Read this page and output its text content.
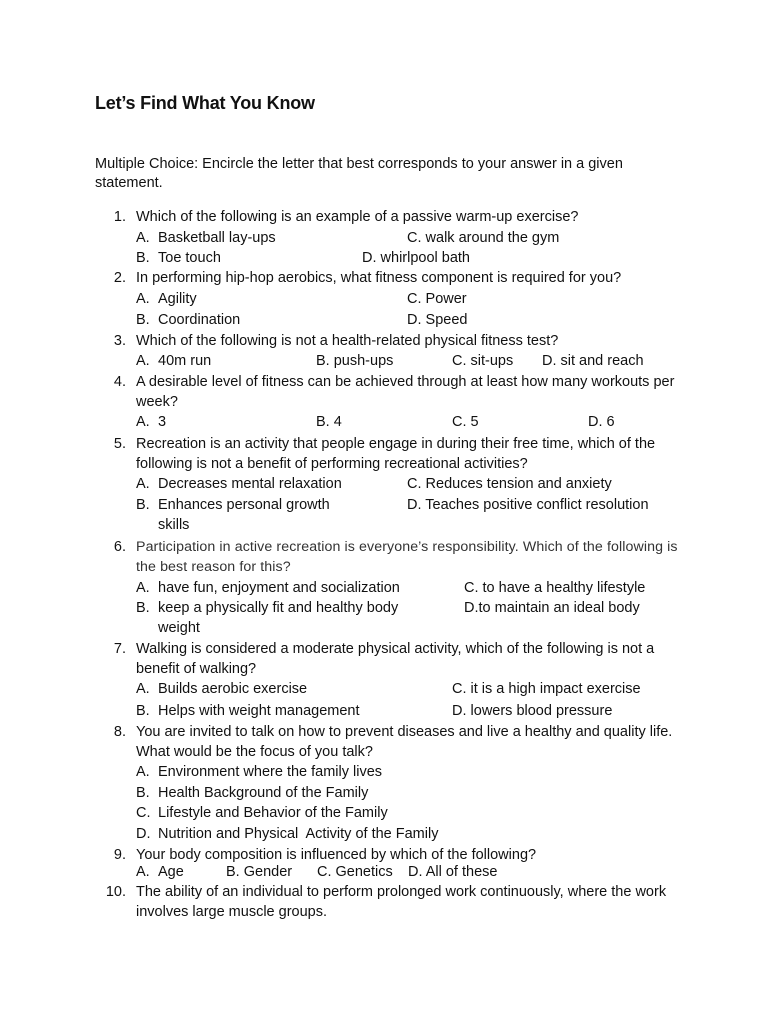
Let’s Find What You Know
Multiple Choice: Encircle the letter that best corresponds to your answer in a given statement.
1. Which of the following is an example of a passive warm-up exercise?
A. Basketball lay-ups	C. walk around the gym
B. Toe touch	D. whirlpool bath
2. In performing hip-hop aerobics, what fitness component is required for you?
A. Agility	C. Power
B. Coordination	D. Speed
3. Which of the following is not a health-related physical fitness test?
A. 40m run	B. push-ups	C. sit-ups D. sit and reach
4. A desirable level of fitness can be achieved through at least how many workouts per week?
A. 3	B. 4	C. 5	D. 6
5. Recreation is an activity that people engage in during their free time, which of the following is not a benefit of performing recreational activities?
A. Decreases mental relaxation	C. Reduces tension and anxiety
B. Enhances personal growth	D. Teaches positive conflict resolution
skills
6. Participation in active recreation is everyone’s responsibility. Which of the following is the best reason for this?
A. have fun, enjoyment and socialization	C. to have a healthy lifestyle
B. keep a physically fit and healthy body	D.to maintain an ideal body
weight
7. Walking is considered a moderate physical activity, which of the following is not a benefit of walking?
A. Builds aerobic exercise	C. it is a high impact exercise
B. Helps with weight management	D. lowers blood pressure
8. You are invited to talk on how to prevent diseases and live a healthy and quality life. What would be the focus of you talk?
A. Environment where the family lives
B. Health Background of the Family
C. Lifestyle and Behavior of the Family
D. Nutrition and Physical  Activity of the Family
9. Your body composition is influenced by which of the following?
A. Age	B. Gender C. Genetics D. All of these
10. The ability of an individual to perform prolonged work continuously, where the work involves large muscle groups.
